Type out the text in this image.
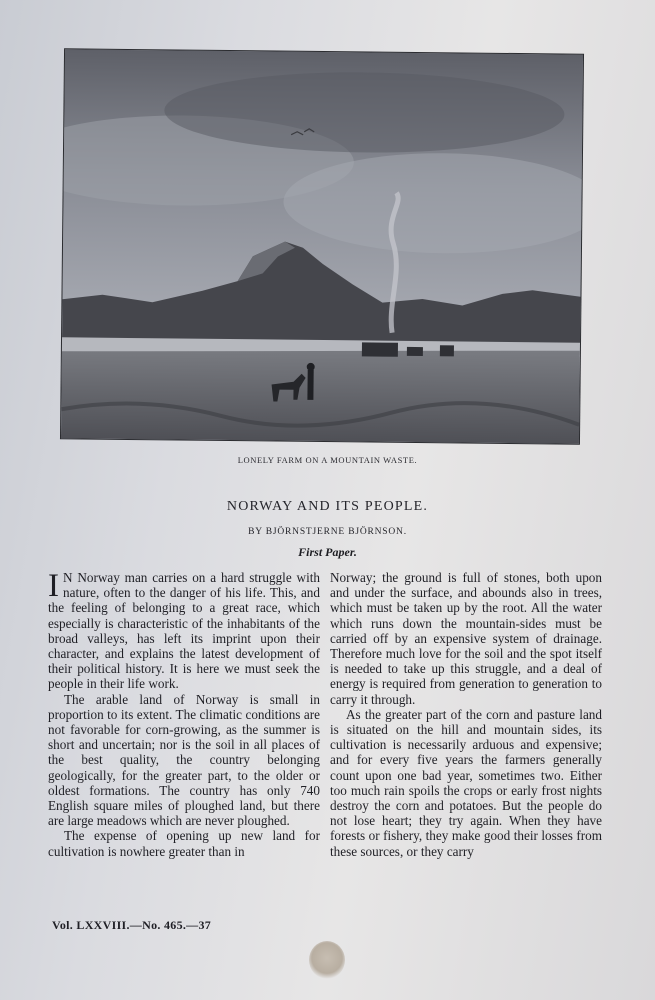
LONELY FARM ON A MOUNTAIN WASTE.
NORWAY AND ITS PEOPLE.
BY BJÖRNSTJERNE BJÖRNSON.
First Paper.

I N Norway man carries on a hard struggle with nature, often to the danger of his life. This, and the feeling of belonging to a great race, which especially is characteristic of the inhabitants of the broad valleys, has left its imprint upon their character, and explains the latest development of their political history. It is here we must seek the people in their life work.

The arable land of Norway is small in proportion to its extent. The climatic conditions are not favorable for corn-growing, as the summer is short and uncertain; nor is the soil in all places of the best quality, the country belonging geologically, for the greater part, to the older or oldest formations. The country has only 740 English square miles of ploughed land, but there are large meadows which are never ploughed.

The expense of opening up new land for cultivation is nowhere greater than in

Norway; the ground is full of stones, both upon and under the surface, and abounds also in trees, which must be taken up by the root. All the water which runs down the mountain-sides must be carried off by an expensive system of drainage. Therefore much love for the soil and the spot itself is needed to take up this struggle, and a deal of energy is required from generation to generation to carry it through.

As the greater part of the corn and pasture land is situated on the hill and mountain sides, its cultivation is necessarily arduous and expensive; and for every five years the farmers generally count upon one bad year, sometimes two. Either too much rain spoils the crops or early frost nights destroy the corn and potatoes. But the people do not lose heart; they try again. When they have forests or fishery, they make good their losses from these sources, or they carry

Vol. LXXVIII.—No. 465.—37
